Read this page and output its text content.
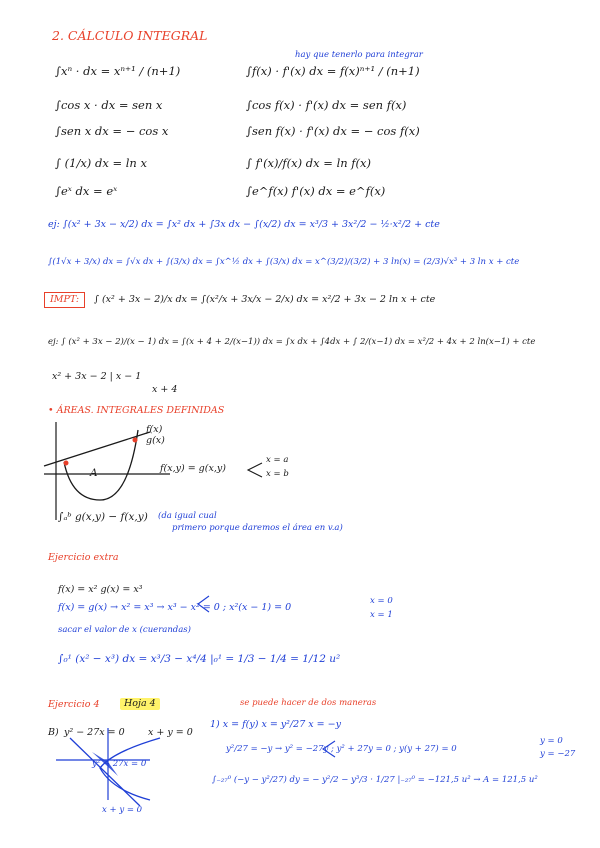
2. CÁLCULO INTEGRAL
hay que tenerlo para integrar
∫xⁿ · dx = xⁿ⁺¹ / (n+1)	∫f(x) · f'(x) dx = f(x)ⁿ⁺¹ / (n+1)
∫cos x · dx = sen x	∫cos f(x) · f'(x) dx = sen f(x)
∫sen x dx = − cos x	∫sen f(x) · f'(x) dx = − cos f(x)
∫ (1/x) dx = ln x	∫ f'(x)/f(x) dx = ln f(x)
∫eˣ dx = eˣ	∫e^f(x) f'(x) dx = e^f(x)
ej: ∫(x² + 3x − x/2) dx = ∫x² dx + ∫3x dx − ∫(x/2) dx = x³/3 + 3x²/2 − ½·x²/2 + cte
∫(1√x + 3/x) dx = ∫√x dx + ∫(3/x) dx = ∫x^½ dx + ∫(3/x) dx = x^(3/2)/(3/2) + 3 ln(x) = (2/3)√x³ + 3 ln x + cte
IMPT:	∫ (x² + 3x − 2)/x dx = ∫(x²/x + 3x/x − 2/x) dx = x²/2 + 3x − 2 ln x + cte
ej: ∫ (x² + 3x − 2)/(x − 1) dx = ∫(x + 4 + 2/(x−1)) dx = ∫x dx + ∫4dx + ∫ 2/(x−1) dx = x²/2 + 4x + 2 ln(x−1) + cte
x² + 3x − 2 | x − 1
x + 4
• ÁREAS. INTEGRALES DEFINIDAS
f(x)
g(x)
A	f(x,y) = g(x,y)
x = a
x = b
∫ₐᵇ g(x,y) − f(x,y) (da igual cual
primero porque daremos el área en v.a)
Ejercicio extra
f(x) = x² g(x) = x³
f(x) = g(x) → x² = x³ → x³ − x² = 0 ; x²(x − 1) = 0
x = 0
x = 1
sacar el valor de x (cuerandas)
∫₀¹ (x² − x³) dx = x³/3 − x⁴/4 |₀¹ = 1/3 − 1/4 = 1/12 u²
Ejercicio 4	Hoja 4	se puede hacer de dos maneras
B) y² − 27x = 0 x + y = 0
1) x = f(y) x = y²/27 x = −y
y²/27 = −y → y² = −27y ; y² + 27y = 0 ; y(y + 27) = 0
y = 0
y = −27
∫₋₂₇⁰ (−y − y²/27) dy = − y²/2 − y³/3 · 1/27 |₋₂₇⁰ = −121,5 u² → A = 121,5 u²
y² − 27x = 0
x + y = 0
